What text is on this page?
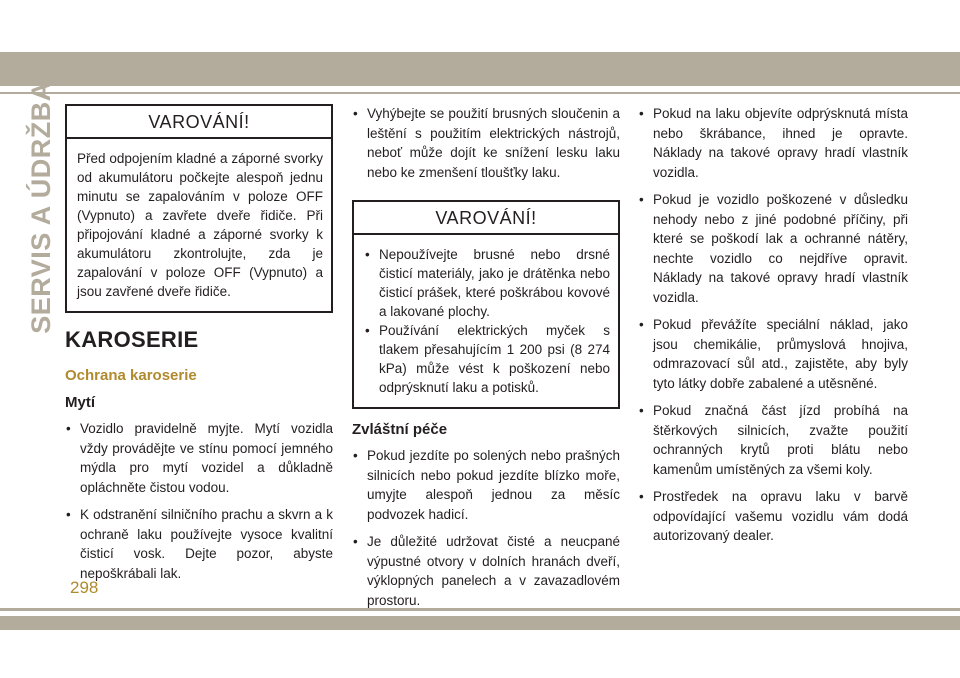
SERVIS A ÚDRŽBA	VAROVÁNÍ!
Před odpojením kladné a záporné svorky od akumulátoru počkejte alespoň jednu minutu se zapalováním v poloze OFF (Vypnuto) a zavřete dveře řidiče. Při připojování kladné a záporné svorky k akumulátoru zkontrolujte, zda je zapalování v poloze OFF (Vypnuto) a jsou zavřené dveře řidiče.
KAROSERIE
Ochrana karoserie
Mytí
• Vozidlo pravidelně myjte. Mytí vozidla vždy provádějte ve stínu pomocí jemného mýdla pro mytí vozidel a důkladně opláchněte čistou vodou.
• K odstranění silničního prachu a skvrn a k ochraně laku používejte vysoce kvalitní čisticí vosk. Dejte pozor, abyste nepoškrábali lak.
• Vyhýbejte se použití brusných sloučenin a leštění s použitím elektrických nástrojů, neboť může dojít ke snížení lesku laku nebo ke zmenšení tloušťky laku.
VAROVÁNÍ!
• Nepoužívejte brusné nebo drsné čisticí materiály, jako je drátěnka nebo čisticí prášek, které poškrábou kovové a lakované plochy.
• Používání elektrických myček s tlakem přesahujícím 1 200 psi (8 274 kPa) může vést k poškození nebo odprýsknutí laku a potisků.
Zvláštní péče
• Pokud jezdíte po solených nebo prašných silnicích nebo pokud jezdíte blízko moře, umyjte alespoň jednou za měsíc podvozek hadicí.
• Je důležité udržovat čisté a neucpané výpustné otvory v dolních hranách dveří, výklopných panelech a v zavazadlovém prostoru.
• Pokud na laku objevíte odprýsknutá místa nebo škrábance, ihned je opravte. Náklady na takové opravy hradí vlastník vozidla.
• Pokud je vozidlo poškozené v důsledku nehody nebo z jiné podobné příčiny, při které se poškodí lak a ochranné nátěry, nechte vozidlo co nejdříve opravit. Náklady na takové opravy hradí vlastník vozidla.
• Pokud převážíte speciální náklad, jako jsou chemikálie, průmyslová hnojiva, odmrazovací sůl atd., zajistěte, aby byly tyto látky dobře zabalené a utěsněné.
• Pokud značná část jízd probíhá na štěrkových silnicích, zvažte použití ochranných krytů proti blátu nebo kamenům umístěných za všemi koly.
• Prostředek na opravu laku v barvě odpovídající vašemu vozidlu vám dodá autorizovaný dealer.
298
